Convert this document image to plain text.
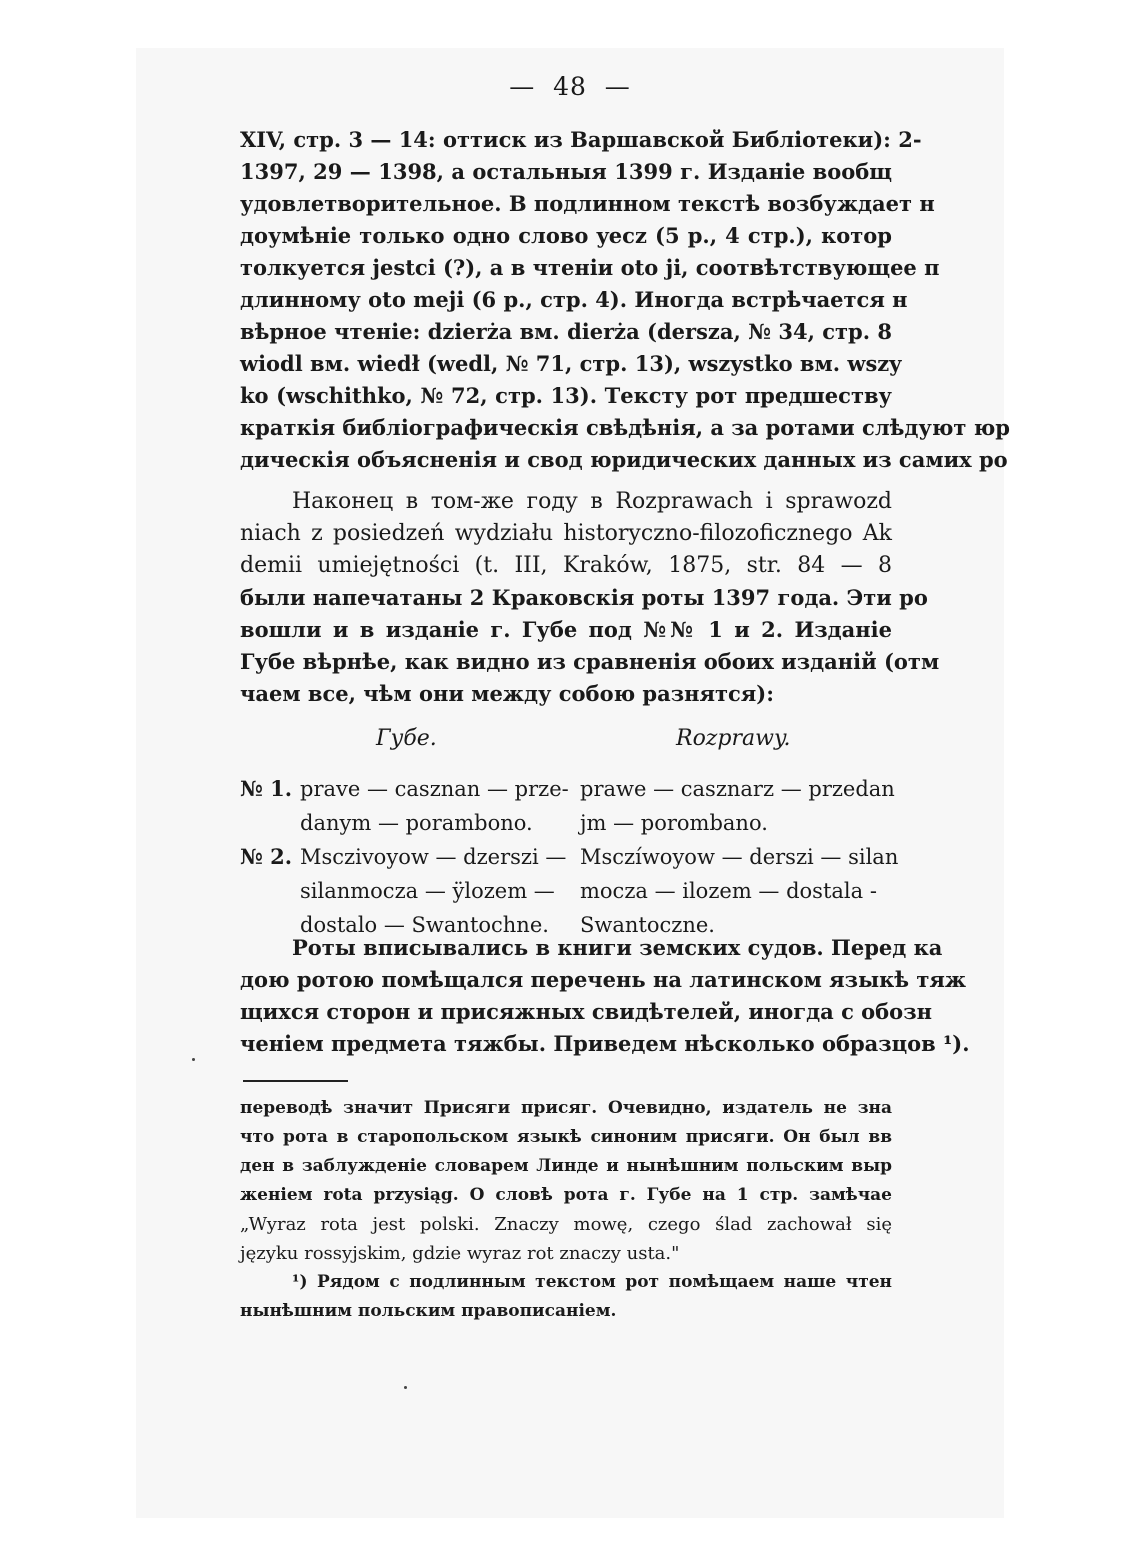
—  48  —
XIV, стр. 3 — 14: оттиск из Варшавской Библіотеки): 2-
1397, 29 — 1398, а остальныя 1399 г. Изданіе вообщ
удовлетворительное. В подлинном текстѣ возбуждает н
доумѣніе только одно слово yecz (5 р., 4 стр.), котор
толкуется jestci (?), а в чтеніи oto ji, соотвѣтствующее п
длинному oto meji (6 р., стр. 4). Иногда встрѣчается н
вѣрное чтеніе: dzierża вм. dierża (dersza, № 34, стр. 8
wiodl вм. wiedł (wedl, № 71, стр. 13), wszystko вм. wszy
ko (wschithko, № 72, стр. 13). Тексту рот предшеству
краткія библіографическія свѣдѣнія, а за ротами слѣдуют юр
дическія объясненія и свод юридических данных из самих ро
Наконец в том-же году в Rozprawach i sprawozd
niach z posiedzeń wydziału historyczno-filozoficznego Ak
demii umiejętności (t. III, Kraków, 1875, str. 84 — 8
были напечатаны 2 Краковскія роты 1397 года. Эти ро
вошли и в изданіе г. Губе под №№ 1 и 2. Изданіе
Губе вѣрнѣе, как видно из сравненія обоих изданій (отм
чаем все, чѣм они между собою разнятся):
Губе.	Rozprawy.
№ 1. prave — casznan — prze-
danym — porambono.
prawe — casznarz — przedan
jm — porombano.
№ 2. Msczivoyow — dzerszi —
silanmocza — ÿlozem —
dostalo — Swantochne.
Msczíwoyow — derszi — silan
mocza — ilozem — dostala -
Swantoczne.
Роты вписывались в книги земских судов. Перед ка
дою ротою помѣщался перечень на латинском языкѣ тяж
щихся сторон и присяжных свидѣтелей, иногда с обозн
ченіем предмета тяжбы. Приведем нѣсколько образцов ¹).
переводѣ значит Присяги присяг. Очевидно, издатель не зна
что рота в старопольском языкѣ синоним присяги. Он был вв
ден в заблужденіе словарем Линде и нынѣшним польским выр
женіем rota przysiąg. О словѣ рота г. Губе на 1 стр. замѣчае
„Wyraz rota jest polski. Znaczy mowę, czego ślad zachował się
języku rossyjskim, gdzie wyraz rot znaczy usta."
¹) Рядом с подлинным текстом рот помѣщаем наше чтен
нынѣшним польским правописаніем.
